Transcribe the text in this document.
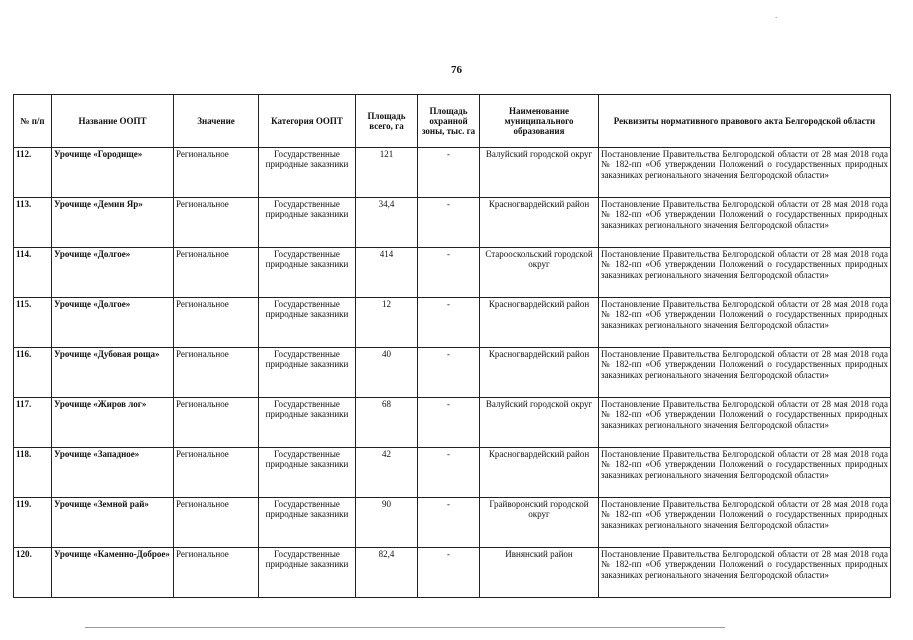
.
76
№ п/п	Название ООПТ	Значение	Категория ООПТ	Площадь всего, га	Площадь охранной зоны, тыс. га	Наименование муниципального образования	Реквизиты нормативного правового акта Белгородской области
112.	Урочище «Городище»	Региональное	Государственные природные заказники	121	-	Валуйский городской округ	Постановление Правительства Белгородской области от 28 мая 2018 года № 182-пп «Об утверждении Положений о государственных природных заказниках регионального значения Белгородской области»
113.	Урочище «Демин Яр»	Региональное	Государственные природные заказники	34,4	-	Красногвардейский район	Постановление Правительства Белгородской области от 28 мая 2018 года № 182-пп «Об утверждении Положений о государственных природных заказниках регионального значения Белгородской области»
114.	Урочище «Долгое»	Региональное	Государственные природные заказники	414	-	Старооскольский городской округ	Постановление Правительства Белгородской области от 28 мая 2018 года № 182-пп «Об утверждении Положений о государственных природных заказниках регионального значения Белгородской области»
115.	Урочище «Долгое»	Региональное	Государственные природные заказники	12	-	Красногвардейский район	Постановление Правительства Белгородской области от 28 мая 2018 года № 182-пп «Об утверждении Положений о государственных природных заказниках регионального значения Белгородской области»
116.	Урочище «Дубовая роща»	Региональное	Государственные природные заказники	40	-	Красногвардейский район	Постановление Правительства Белгородской области от 28 мая 2018 года № 182-пп «Об утверждении Положений о государственных природных заказниках регионального значения Белгородской области»
117.	Урочище «Жиров лог»	Региональное	Государственные природные заказники	68	-	Валуйский городской округ	Постановление Правительства Белгородской области от 28 мая 2018 года № 182-пп «Об утверждении Положений о государственных природных заказниках регионального значения Белгородской области»
118.	Урочище «Западное»	Региональное	Государственные природные заказники	42	-	Красногвардейский район	Постановление Правительства Белгородской области от 28 мая 2018 года № 182-пп «Об утверждении Положений о государственных природных заказниках регионального значения Белгородской области»
119.	Урочище «Земной рай»	Региональное	Государственные природные заказники	90	-	Грайворонский городской округ	Постановление Правительства Белгородской области от 28 мая 2018 года № 182-пп «Об утверждении Положений о государственных природных заказниках регионального значения Белгородской области»
120.	Урочище «Каменно-Доброе»	Региональное	Государственные природные заказники	82,4	-	Ивнянский район	Постановление Правительства Белгородской области от 28 мая 2018 года № 182-пп «Об утверждении Положений о государственных природных заказниках регионального значения Белгородской области»
